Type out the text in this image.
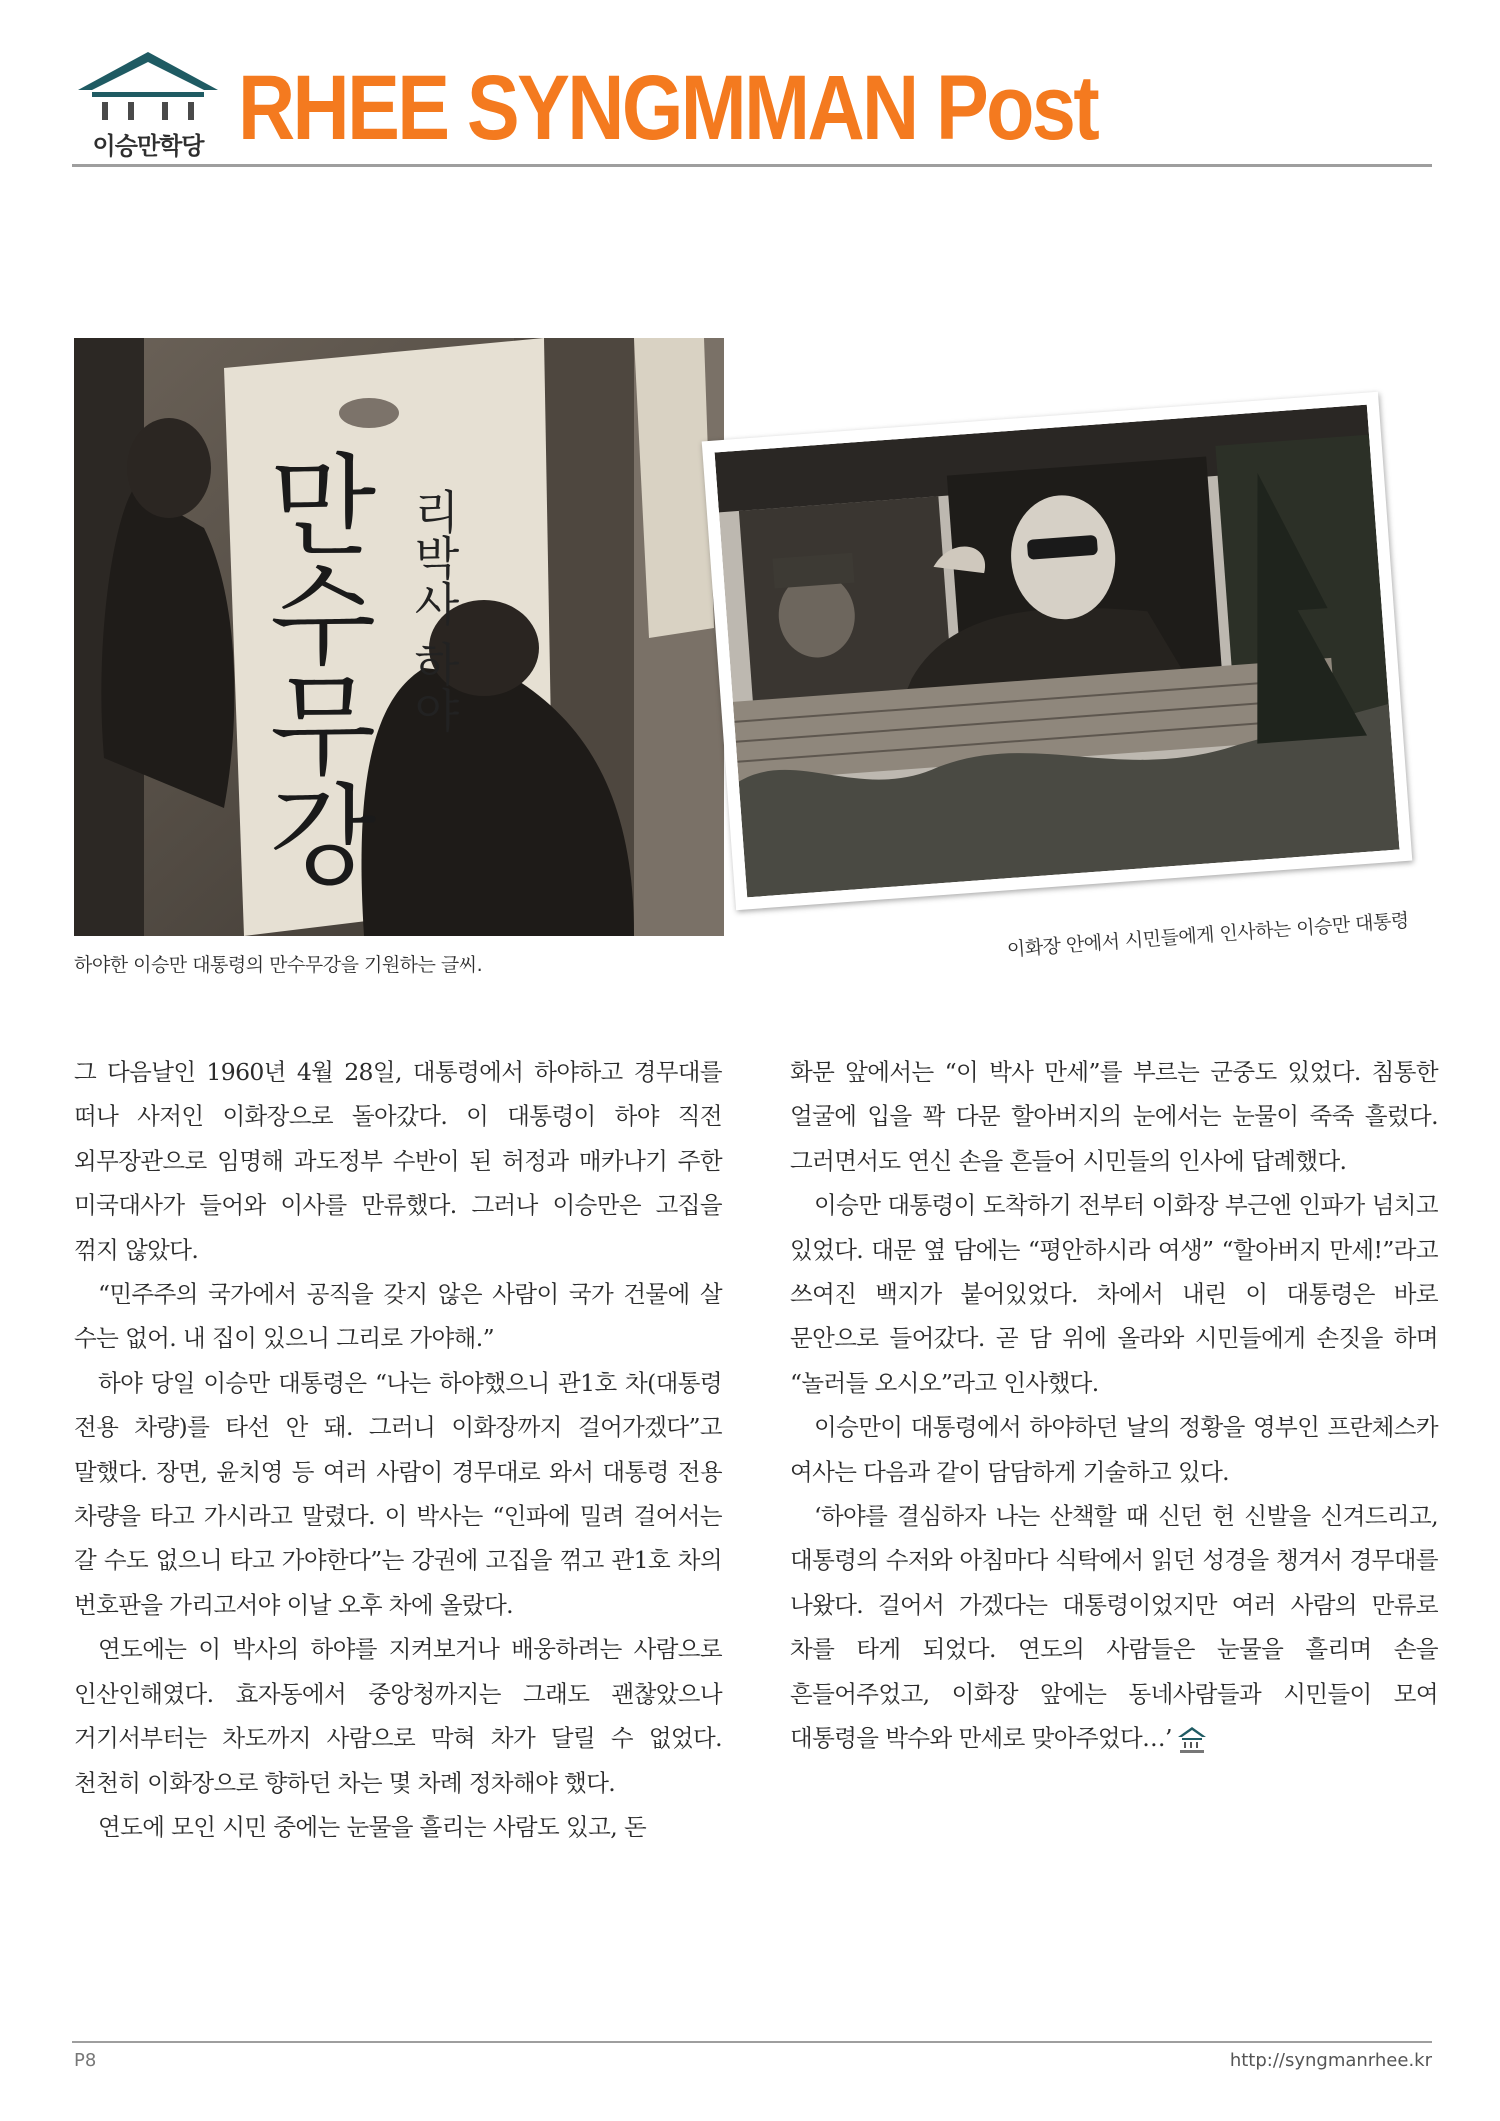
이승만학당 RHEE SYNGMMAN Post
만수무강 리박사 하야
하야한 이승만 대통령의 만수무강을 기원하는 글씨.
이화장 안에서 시민들에게 인사하는 이승만 대통령

그 다음날인 1960년 4월 28일, 대통령에서 하야하고 경무대를 떠나 사저인 이화장으로 돌아갔다. 이 대통령이 하야 직전 외무장관으로 임명해 과도정부 수반이 된 허정과 매카나기 주한 미국대사가 들어와 이사를 만류했다. 그러나 이승만은 고집을 꺾지 않았다.

“민주주의 국가에서 공직을 갖지 않은 사람이 국가 건물에 살 수는 없어. 내 집이 있으니 그리로 가야해.”

하야 당일 이승만 대통령은 “나는 하야했으니 관1호 차(대통령 전용 차량)를 타선 안 돼. 그러니 이화장까지 걸어가겠다”고 말했다. 장면, 윤치영 등 여러 사람이 경무대로 와서 대통령 전용 차량을 타고 가시라고 말렸다. 이 박사는 “인파에 밀려 걸어서는 갈 수도 없으니 타고 가야한다”는 강권에 고집을 꺾고 관1호 차의 번호판을 가리고서야 이날 오후 차에 올랐다.

연도에는 이 박사의 하야를 지켜보거나 배웅하려는 사람으로 인산인해였다. 효자동에서 중앙청까지는 그래도 괜찮았으나 거기서부터는 차도까지 사람으로 막혀 차가 달릴 수 없었다. 천천히 이화장으로 향하던 차는 몇 차례 정차해야 했다.

연도에 모인 시민 중에는 눈물을 흘리는 사람도 있고, 돈

화문 앞에서는 “이 박사 만세”를 부르는 군중도 있었다. 침통한 얼굴에 입을 꽉 다문 할아버지의 눈에서는 눈물이 죽죽 흘렀다. 그러면서도 연신 손을 흔들어 시민들의 인사에 답례했다.

이승만 대통령이 도착하기 전부터 이화장 부근엔 인파가 넘치고 있었다. 대문 옆 담에는 “평안하시라 여생” “할아버지 만세!”라고 쓰여진 백지가 붙어있었다. 차에서 내린 이 대통령은 바로 문안으로 들어갔다. 곧 담 위에 올라와 시민들에게 손짓을 하며 “놀러들 오시오”라고 인사했다.

이승만이 대통령에서 하야하던 날의 정황을 영부인 프란체스카 여사는 다음과 같이 담담하게 기술하고 있다.

‘하야를 결심하자 나는 산책할 때 신던 헌 신발을 신겨드리고, 대통령의 수저와 아침마다 식탁에서 읽던 성경을 챙겨서 경무대를 나왔다. 걸어서 가겠다는 대통령이었지만 여러 사람의 만류로 차를 타게 되었다. 연도의 사람들은 눈물을 흘리며 손을 흔들어주었고, 이화장 앞에는 동네사람들과 시민들이 모여 대통령을 박수와 만세로 맞아주었다…’

P8	http://syngmanrhee.kr
